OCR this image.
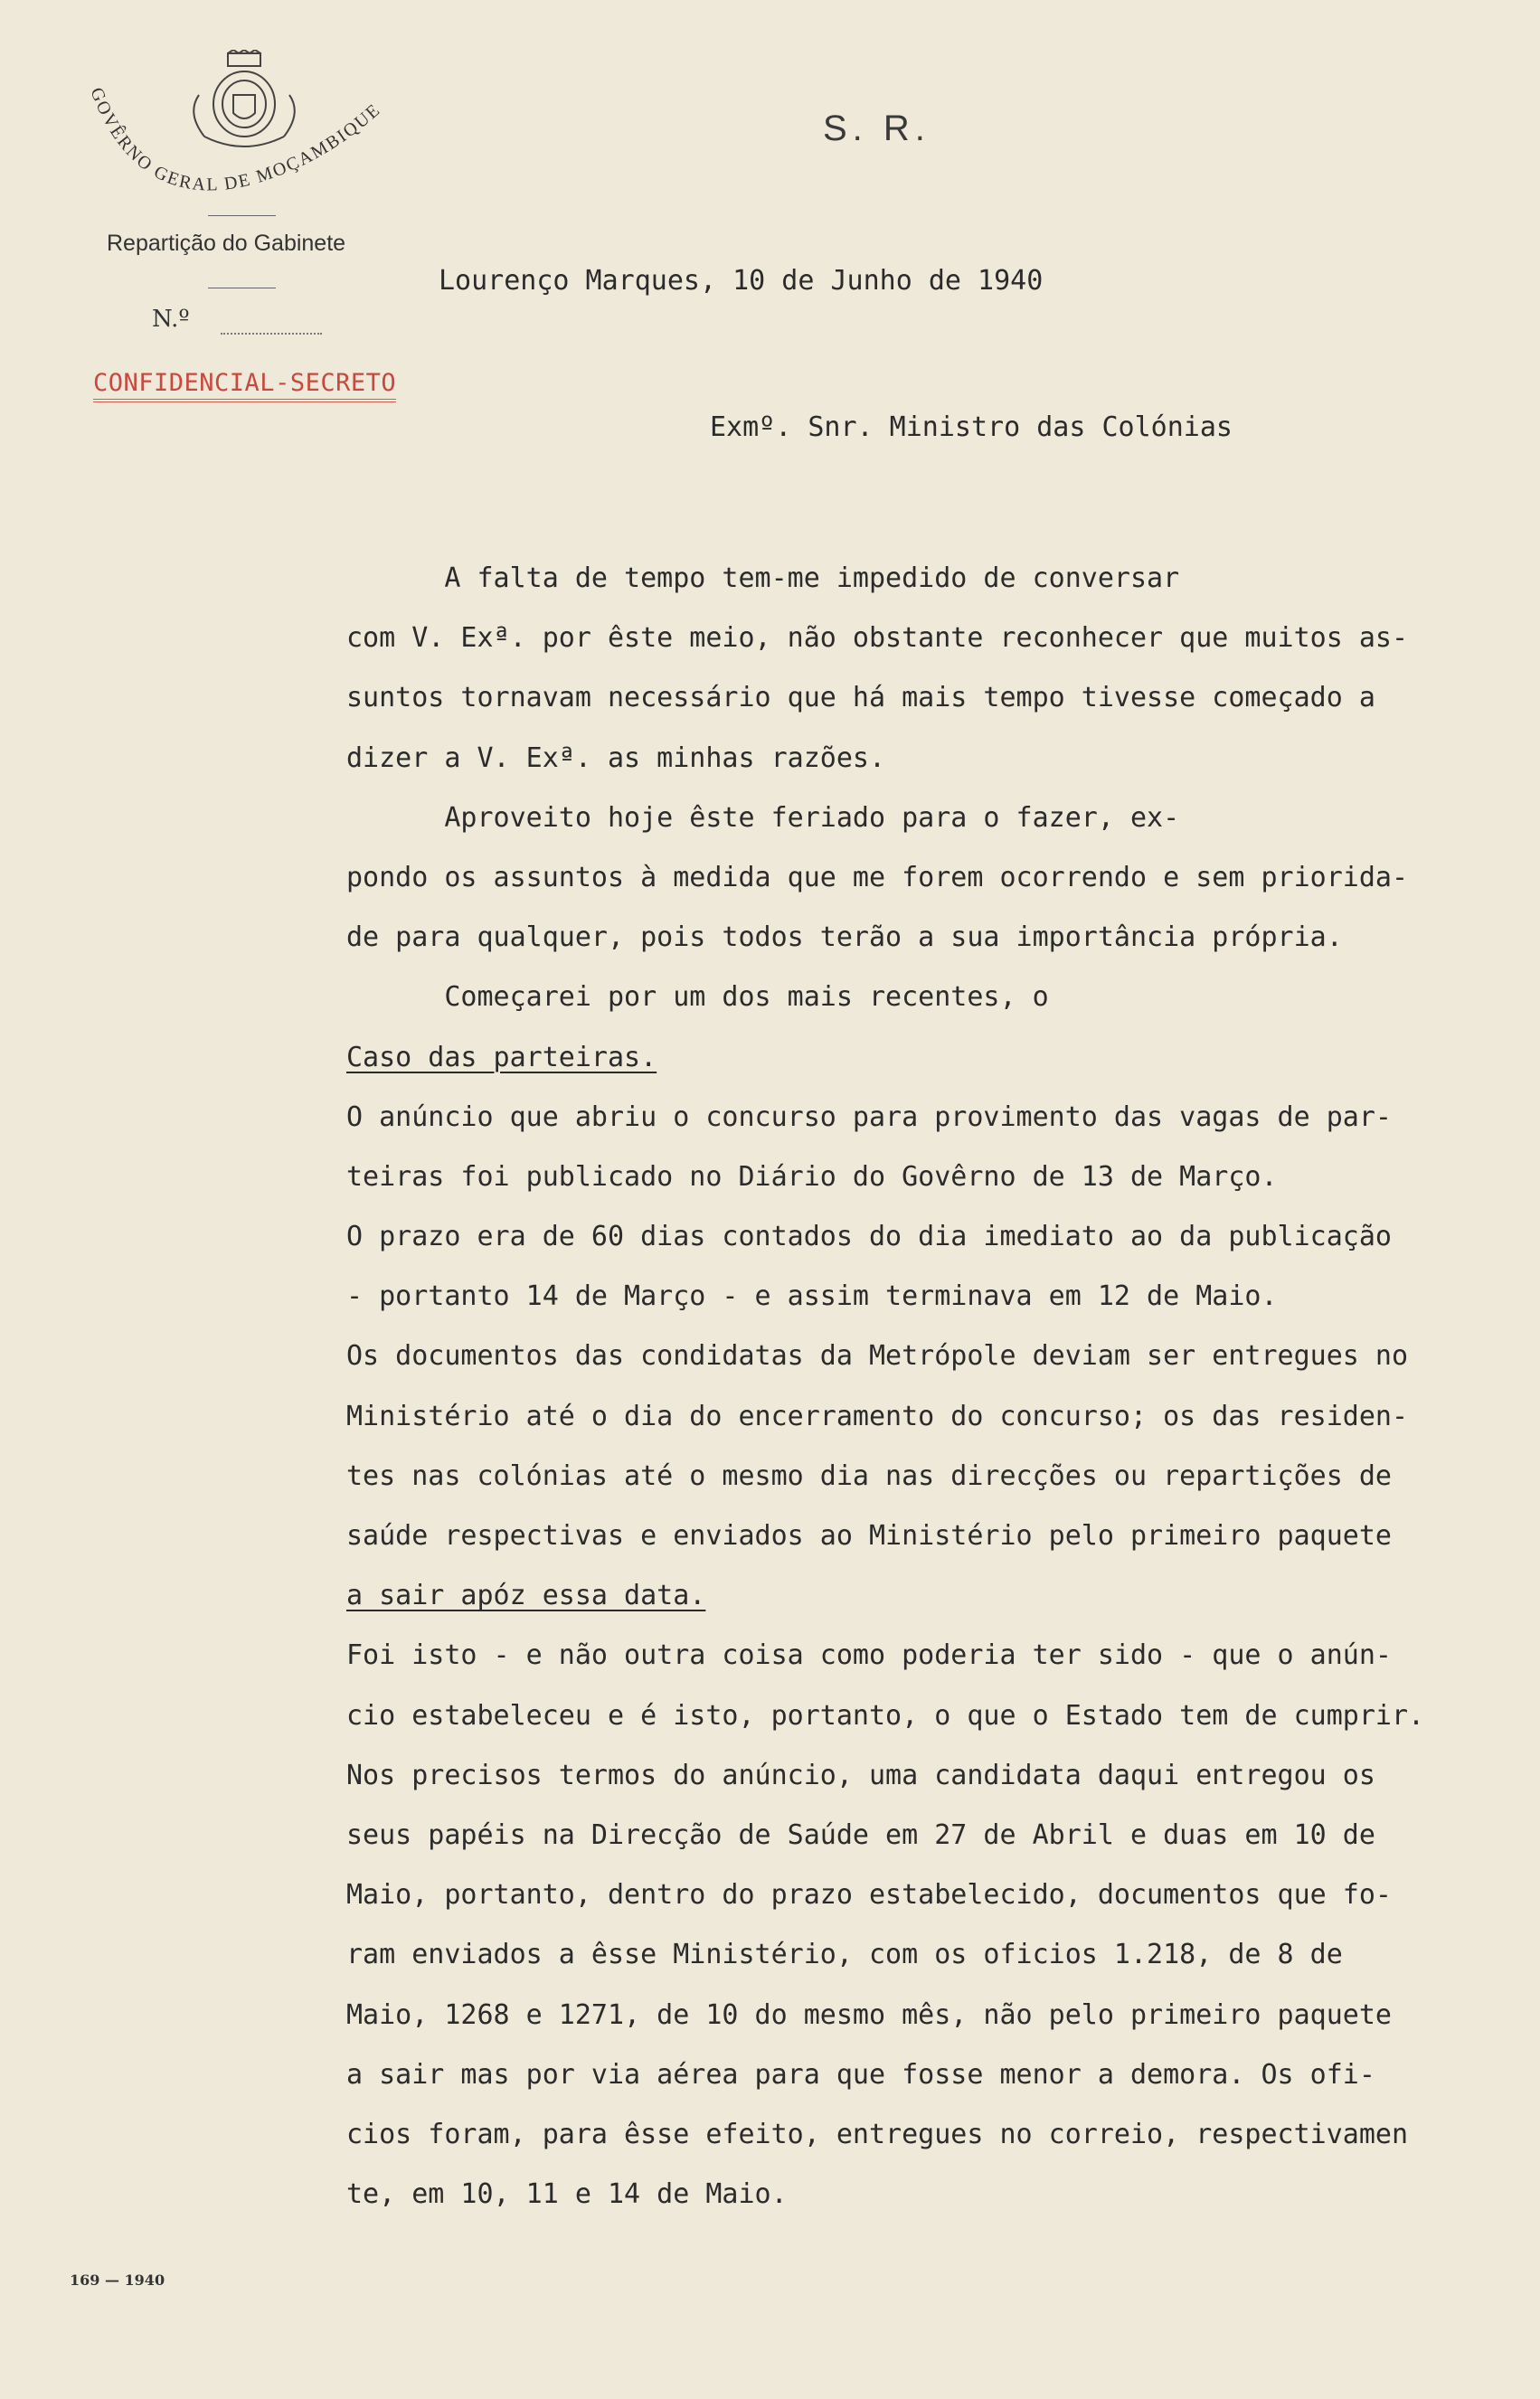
GOVÊRNO GERAL DE MOÇAMBIQUE
Repartição do Gabinete
N.º
S. R.
Lourenço Marques, 10 de Junho de 1940
CONFIDENCIAL-SECRETO
Exmº. Snr. Ministro das Colónias
A falta de tempo tem-me impedido de conversar
com V. Exª. por êste meio, não obstante reconhecer que muitos as-
suntos tornavam necessário que há mais tempo tivesse começado a
dizer a V. Exª. as minhas razões.
Aproveito hoje êste feriado para o fazer, ex-
pondo os assuntos à medida que me forem ocorrendo e sem priorida-
de para qualquer, pois todos terão a sua importância própria.
Começarei por um dos mais recentes, o
Caso das parteiras.
O anúncio que abriu o concurso para provimento das vagas de par-
teiras foi publicado no Diário do Govêrno de 13 de Março.
O prazo era de 60 dias contados do dia imediato ao da publicação
- portanto 14 de Março - e assim terminava em 12 de Maio.
Os documentos das condidatas da Metrópole deviam ser entregues no
Ministério até o dia do encerramento do concurso; os das residen-
tes nas colónias até o mesmo dia nas direcções ou repartições de
saúde respectivas e enviados ao Ministério pelo primeiro paquete
a sair apóz essa data.
Foi isto - e não outra coisa como poderia ter sido - que o anún-
cio estabeleceu e é isto, portanto, o que o Estado tem de cumprir.
Nos precisos termos do anúncio, uma candidata daqui entregou os
seus papéis na Direcção de Saúde em 27 de Abril e duas em 10 de
Maio, portanto, dentro do prazo estabelecido, documentos que fo-
ram enviados a êsse Ministério, com os oficios 1.218, de 8 de
Maio, 1268 e 1271, de 10 do mesmo mês, não pelo primeiro paquete
a sair mas por via aérea para que fosse menor a demora. Os ofi-
cios foram, para êsse efeito, entregues no correio, respectivamen
te, em 10, 11 e 14 de Maio.
169 — 1940
